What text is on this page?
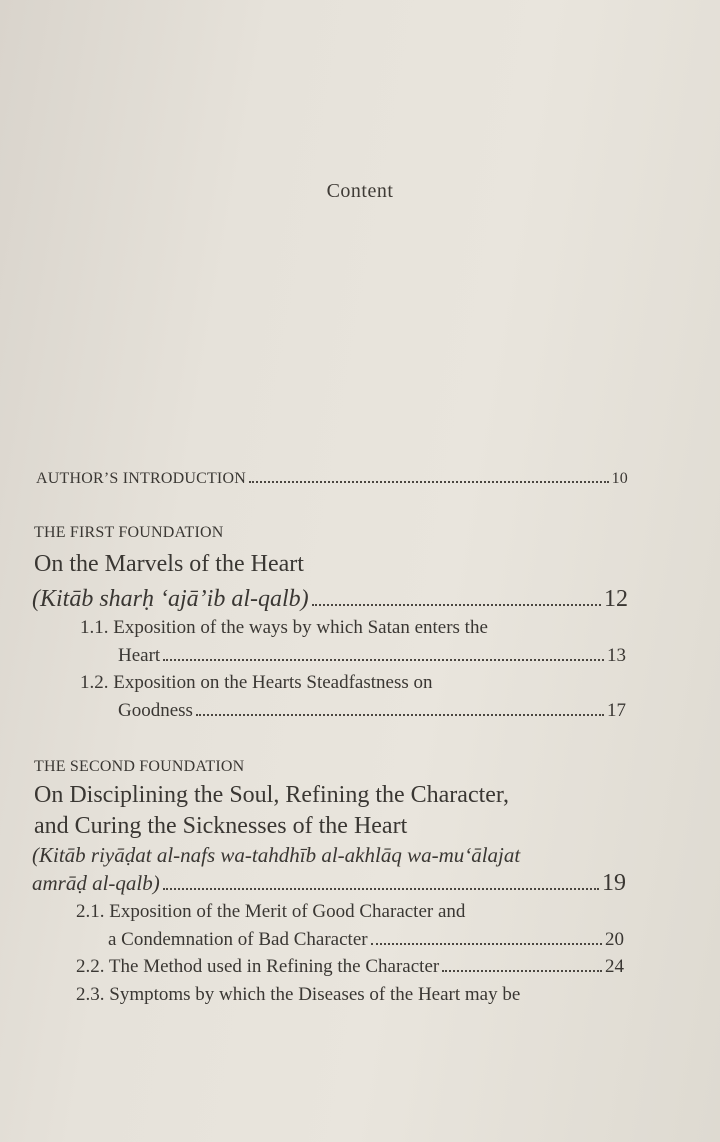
Content
AUTHOR’S INTRODUCTION	10
THE FIRST FOUNDATION
On the Marvels of the Heart
(Kitāb sharḥ ‘ajā’ib al-qalb)	12
1.1. Exposition of the ways by which Satan enters the
Heart	13
1.2. Exposition on the Hearts Steadfastness on
Goodness	17
THE SECOND FOUNDATION
On Disciplining the Soul, Refining the Character,
and Curing the Sicknesses of the Heart
(Kitāb riyāḍat al-nafs wa-tahdhīb al-akhlāq wa-mu‘ālajat
amrāḍ al-qalb)	19
2.1. Exposition of the Merit of Good Character and
a Condemnation of Bad Character	20
2.2. The Method used in Refining the Character	24
2.3. Symptoms by which the Diseases of the Heart may be
